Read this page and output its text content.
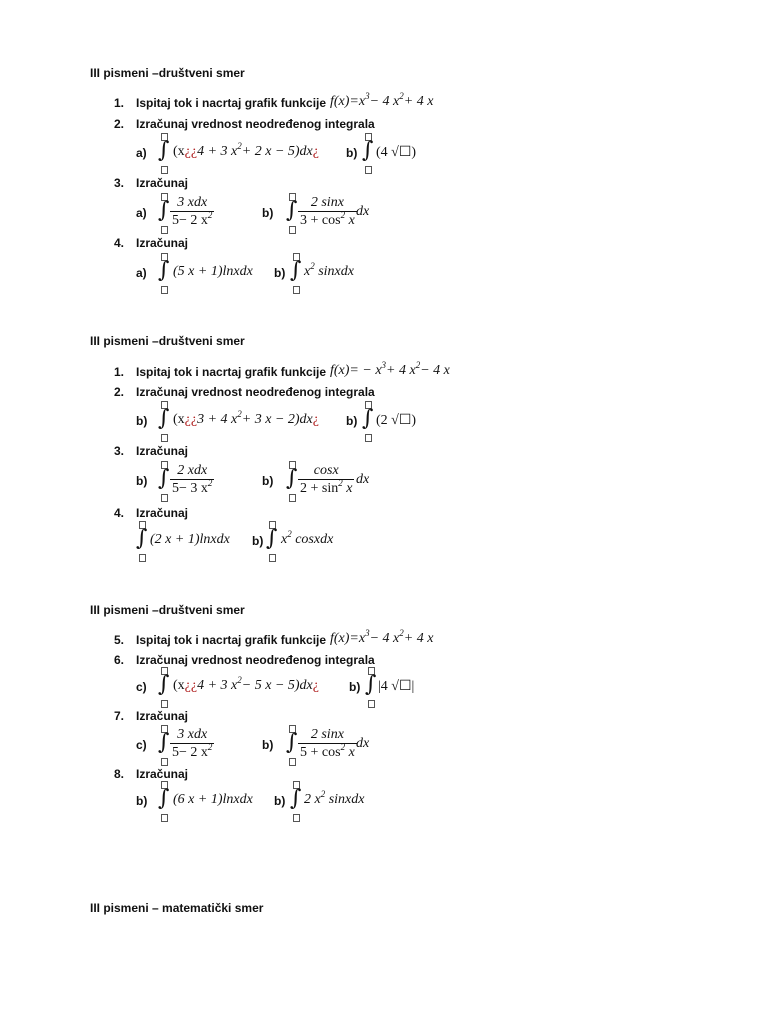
III pismeni –društveni smer
1. Ispitaj tok i nacrtaj grafik funkcije $f(x)=x^3- 4$ $x^2+ 4$ x
2. Izračunaj vrednost neodređenog integrala
a) ∫ (x¿¿4 + 3 $x^2+ 2$ x − 5)dx¿ b) ∫ (4 √☐)
3. Izračunaj
a) ∫ 3 xdx
5− 2 $x^2$	b) ∫ $\frac{2 \sin x}{3 + \cos^2 x}$ dx
4. Izračunaj
a) ∫ (5 x + 1)lnxdx b) ∫ $x^2$ sinxdx
III pismeni –društveni smer
1. Ispitaj tok i nacrtaj grafik funkcije $f(x)= - x^3+ 4$ $x^2- 4$ x
2. Izračunaj vrednost neodređenog integrala
b) ∫ (x¿¿3 + 4 $x^2+ 3$ x − 2)dx¿ b) ∫ (2 √☐)
3. Izračunaj
b) ∫ 2 xdx
5− 3 $x^2$	b) ∫ $\frac{\cos x}{2 + \sin^2 x}$ dx
4. Izračunaj
∫ (2 x + 1)lnxdx b) ∫ $x^2$ cosxdx
III pismeni –društveni smer
5. Ispitaj tok i nacrtaj grafik funkcije $f(x)=x^3- 4$ $x^2+ 4$ x
6. Izračunaj vrednost neodređenog integrala
c) ∫ (x¿¿4 + 3 $x^2- 5$ x − 5)dx¿	b) ∫ |4 √☐|
7. Izračunaj
c) ∫ 3 xdx
5− 2 $x^2$	b) ∫ $\frac{2 \sin x}{5 + \cos^2 x}$ dx
8. Izračunaj
b) ∫ (6 x + 1)lnxdx b) ∫ 2 $x^2$ sinxdx
III pismeni – matematički smer
